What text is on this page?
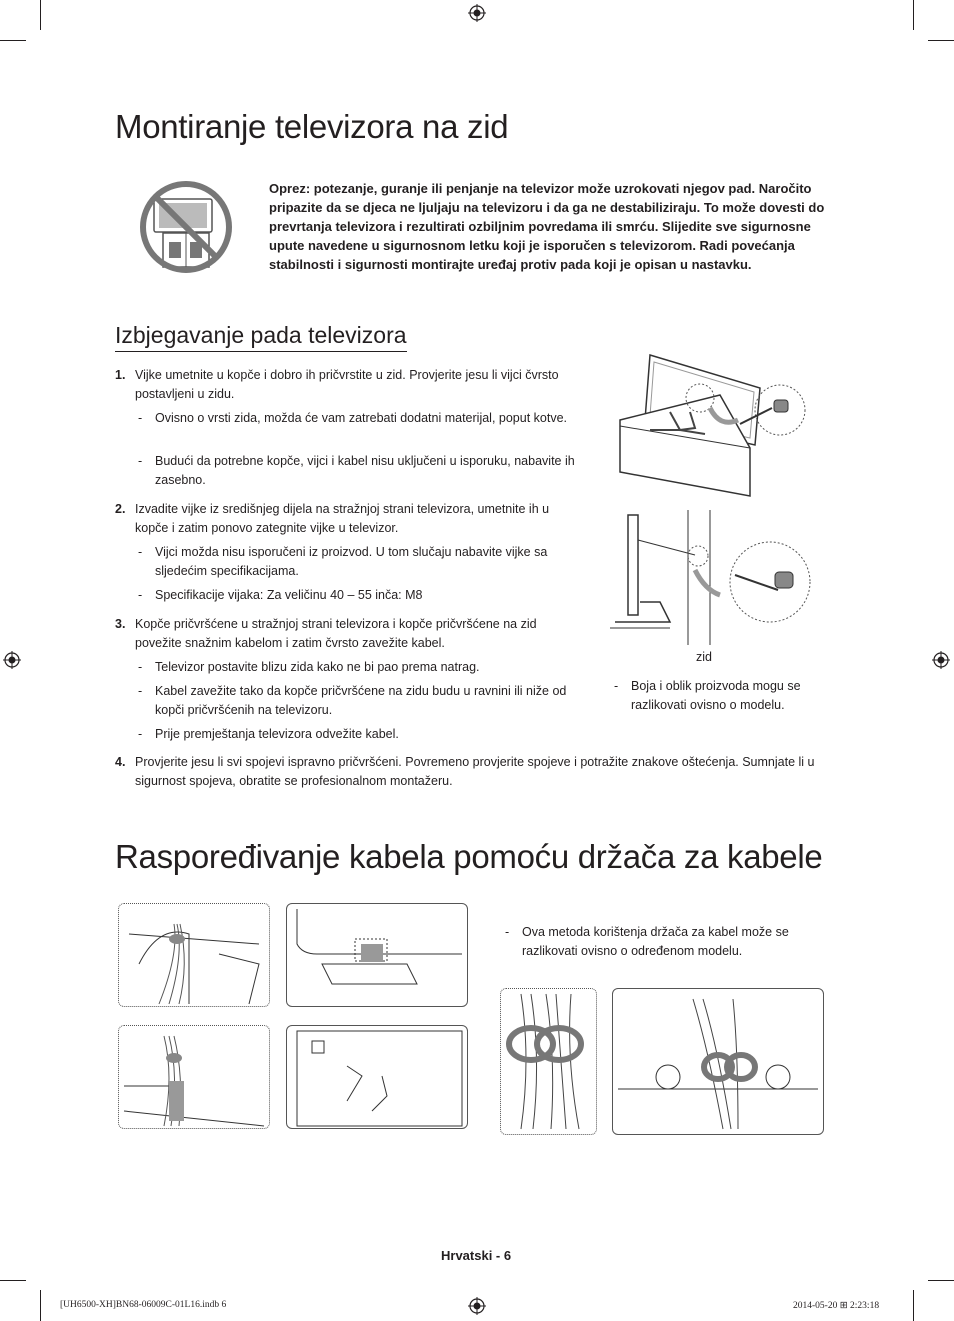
Montiranje televizora na zid
Oprez: potezanje, guranje ili penjanje na televizor može uzrokovati njegov pad. Naročito pripazite da se djeca ne ljuljaju na televizoru i da ga ne destabiliziraju. To može dovesti do prevrtanja televizora i rezultirati ozbiljnim povredama ili smrću. Slijedite sve sigurnosne upute navedene u sigurnosnom letku koji je isporučen s televizorom. Radi povećanja stabilnosti i sigurnosti montirajte uređaj protiv pada koji je opisan u nastavku.
Izbjegavanje pada televizora
1. Vijke umetnite u kopče i dobro ih pričvrstite u zid. Provjerite jesu li vijci čvrsto postavljeni u zidu.
- Ovisno o vrsti zida, možda će vam zatrebati dodatni materijal, poput kotve.
- Budući da potrebne kopče, vijci i kabel nisu uključeni u isporuku, nabavite ih zasebno.
2. Izvadite vijke iz središnjeg dijela na stražnjoj strani televizora, umetnite ih u kopče i zatim ponovo zategnite vijke u televizor.
- Vijci možda nisu isporučeni iz proizvod. U tom slučaju nabavite vijke sa sljedećim specifikacijama.
- Specifikacije vijaka: Za veličinu 40 – 55 inča: M8
3. Kopče pričvršćene u stražnjoj strani televizora i kopče pričvršćene na zid povežite snažnim kabelom i zatim čvrsto zavežite kabel.
- Televizor postavite blizu zida kako ne bi pao prema natrag.
- Kabel zavežite tako da kopče pričvršćene na zidu budu u ravnini ili niže od kopči pričvršćenih na televizoru.
- Prije premještanja televizora odvežite kabel.
4. Provjerite jesu li svi spojevi ispravno pričvršćeni. Povremeno provjerite spojeve i potražite znakove oštećenja. Sumnjate li u sigurnost spojeva, obratite se profesionalnom montažeru.
zid
- Boja i oblik proizvoda mogu se razlikovati ovisno o modelu.
Raspoređivanje kabela pomoću držača za kabele
- Ova metoda korištenja držača za kabel može se razlikovati ovisno o određenom modelu.
Hrvatski - 6
[UH6500-XH]BN68-06009C-01L16.indb 6	2014-05-20 ⊞ 2:23:18
